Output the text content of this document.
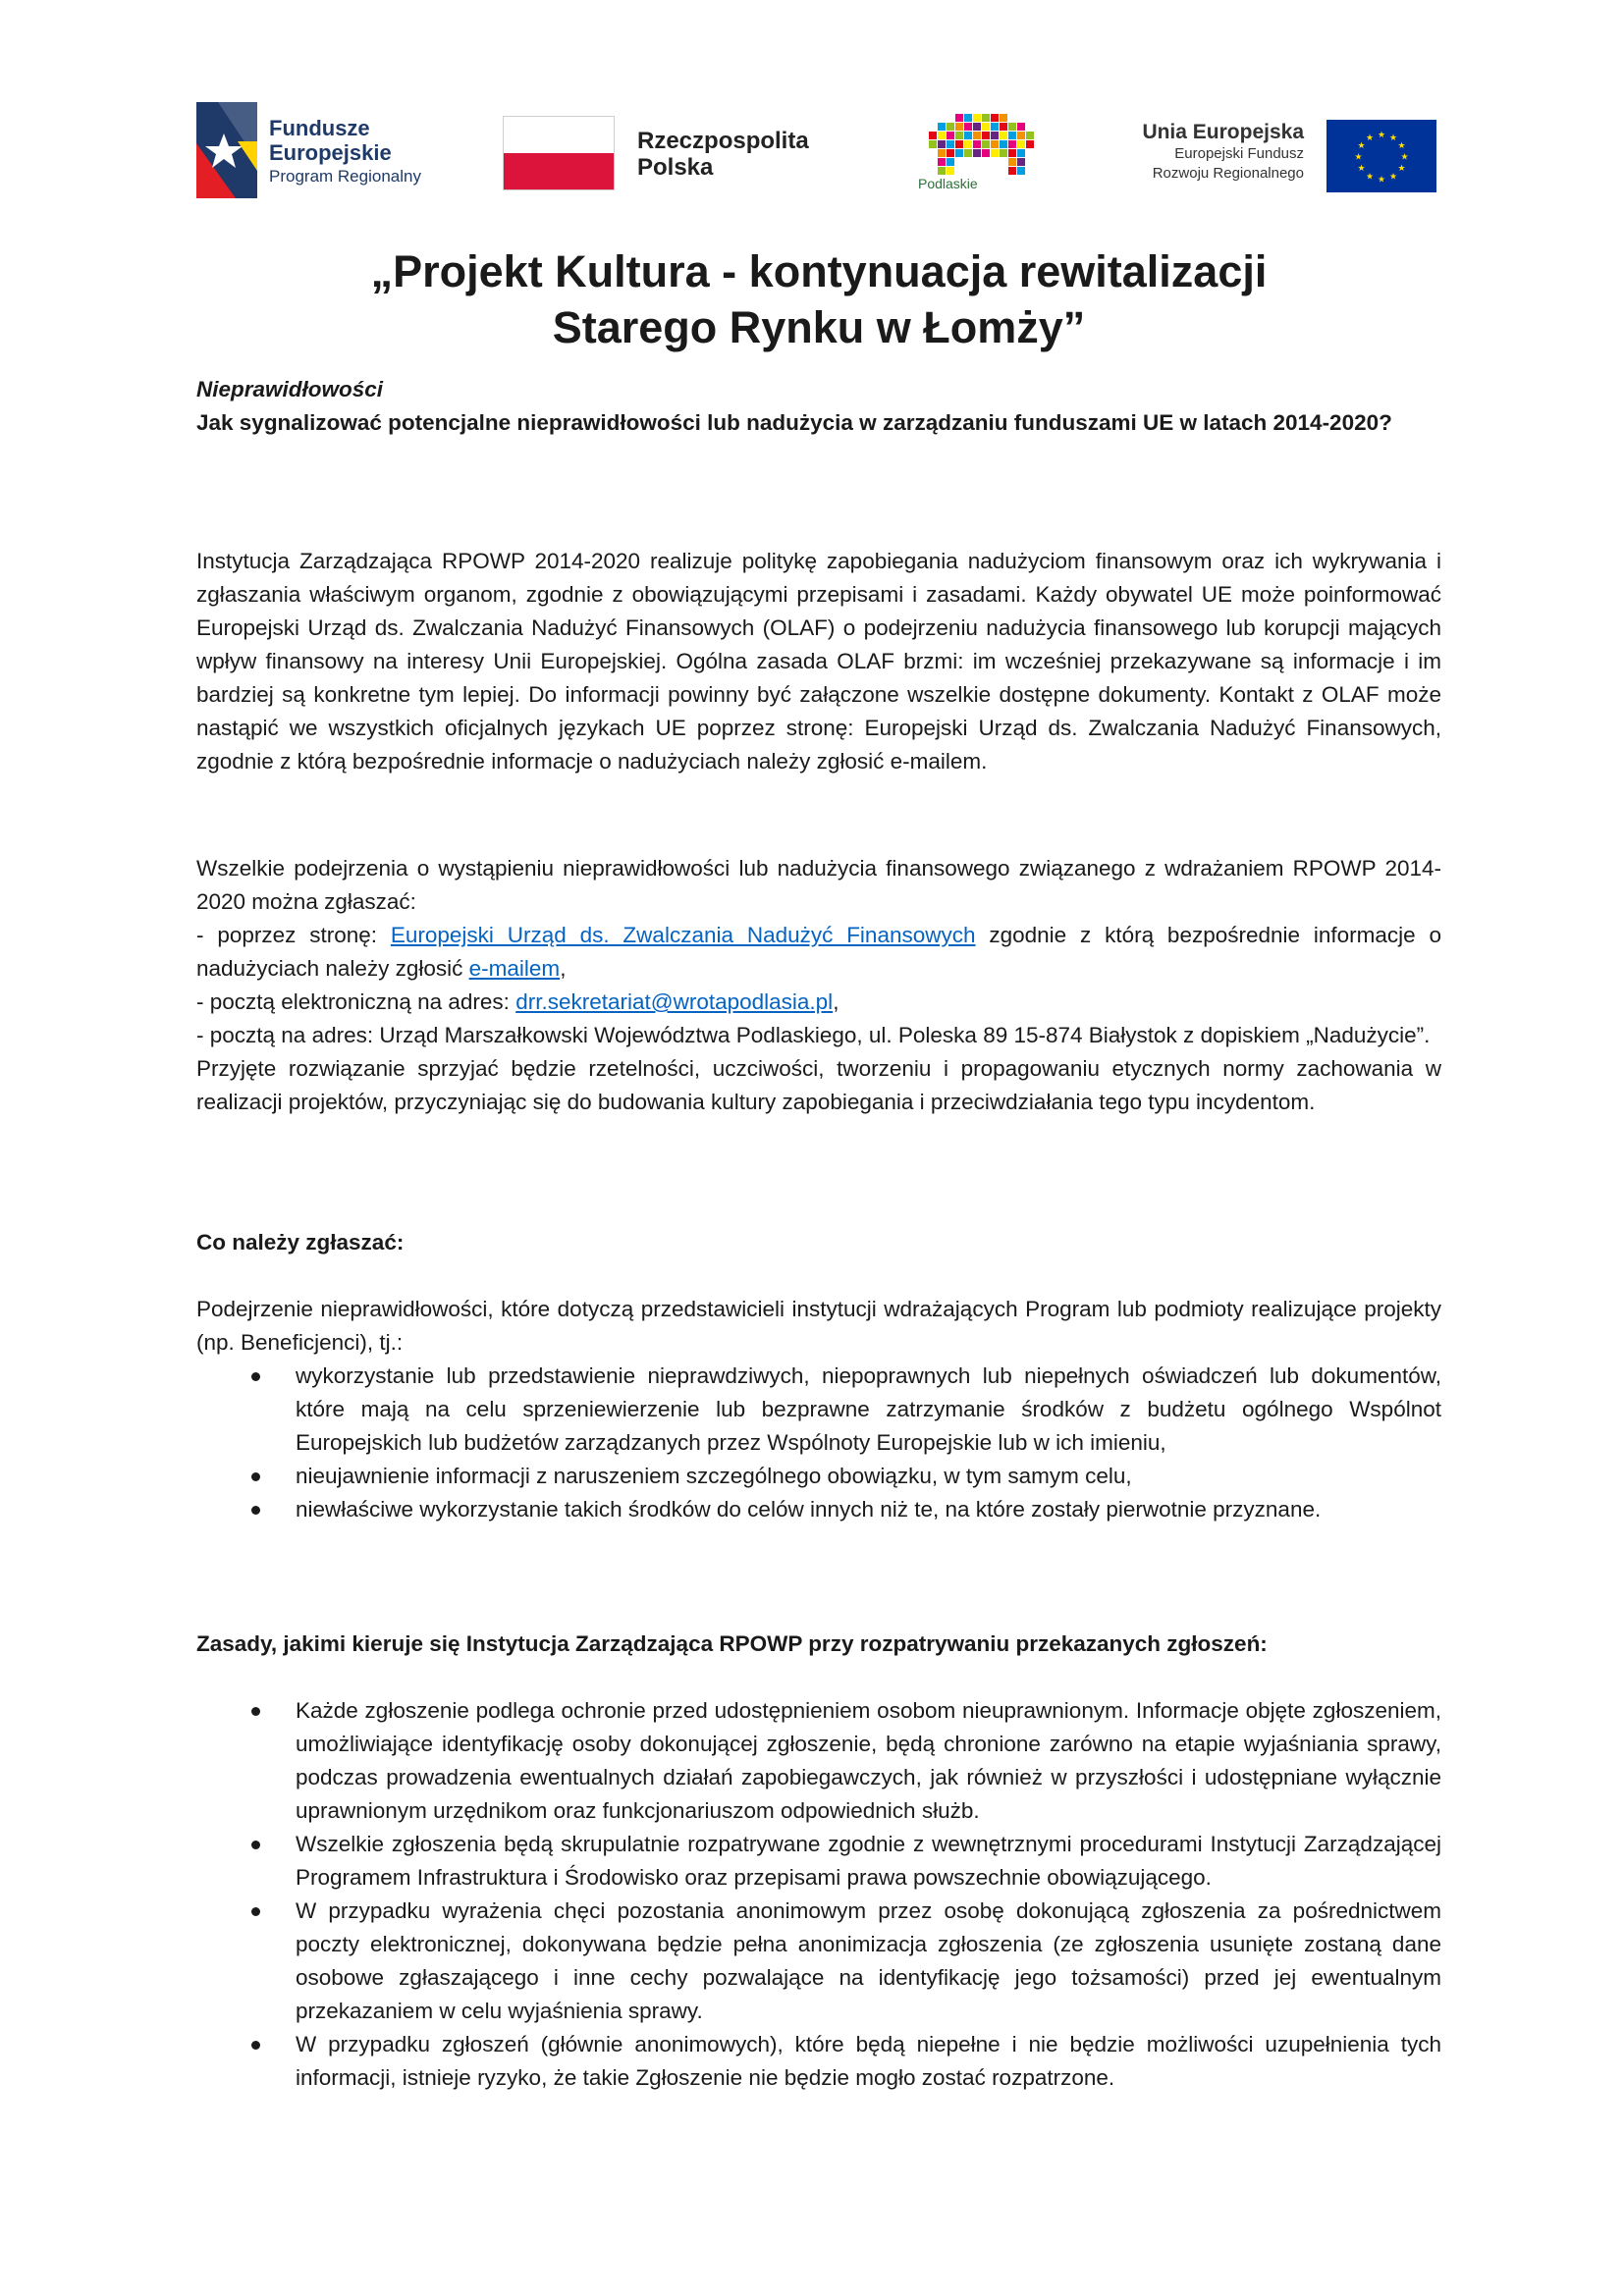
Fundusze
Europejskie
Program Regionalny
Rzeczpospolita
Polska
Podlaskie
Unia Europejska
Europejski Fundusz
Rozwoju Regionalnego
★ ★
★
★
★
★
★
★
★
★
★
★
„Projekt Kultura - kontynuacja rewitalizacji
Starego Rynku w Łomży”

Nieprawidłowości

Jak sygnalizować potencjalne nieprawidłowości lub nadużycia w zarządzaniu funduszami UE w latach 2014-2020?

Instytucja Zarządzająca RPOWP 2014-2020 realizuje politykę zapobiegania nadużyciom finansowym oraz ich wykrywania i zgłaszania właściwym organom, zgodnie z obowiązującymi przepisami i zasadami. Każdy obywatel UE może poinformować Europejski Urząd ds. Zwalczania Nadużyć Finansowych (OLAF) o podejrzeniu nadużycia finansowego lub korupcji mających wpływ finansowy na interesy Unii Europejskiej. Ogólna zasada OLAF brzmi: im wcześniej przekazywane są informacje i im bardziej są konkretne tym lepiej. Do informacji powinny być załączone wszelkie dostępne dokumenty. Kontakt z OLAF może nastąpić we wszystkich oficjalnych językach UE poprzez stronę: Europejski Urząd ds. Zwalczania Nadużyć Finansowych, zgodnie z którą bezpośrednie informacje o nadużyciach należy zgłosić e-mailem.

Wszelkie podejrzenia o wystąpieniu nieprawidłowości lub nadużycia finansowego związanego z wdrażaniem RPOWP 2014-2020 można zgłaszać:

- poprzez stronę: Europejski Urząd ds. Zwalczania Nadużyć Finansowych zgodnie z którą bezpośrednie informacje o nadużyciach należy zgłosić e-mailem,

- pocztą elektroniczną na adres: drr.sekretariat@wrotapodlasia.pl,

- pocztą na adres: Urząd Marszałkowski Województwa Podlaskiego, ul. Poleska 89 15-874 Białystok z dopiskiem „Nadużycie”.

Przyjęte rozwiązanie sprzyjać będzie rzetelności, uczciwości, tworzeniu i propagowaniu etycznych normy zachowania w realizacji projektów, przyczyniając się do budowania kultury zapobiegania i przeciwdziałania tego typu incydentom.

Co należy zgłaszać:

Podejrzenie nieprawidłowości, które dotyczą przedstawicieli instytucji wdrażających Program lub podmioty realizujące projekty (np. Beneficjenci), tj.:

wykorzystanie lub przedstawienie nieprawdziwych, niepoprawnych lub niepełnych oświadczeń lub dokumentów, które mają na celu sprzeniewierzenie lub bezprawne zatrzymanie środków z budżetu ogólnego Wspólnot Europejskich lub budżetów zarządzanych przez Wspólnoty Europejskie lub w ich imieniu,
nieujawnienie informacji z naruszeniem szczególnego obowiązku, w tym samym celu,
niewłaściwe wykorzystanie takich środków do celów innych niż te, na które zostały pierwotnie przyznane.

Zasady, jakimi kieruje się Instytucja Zarządzająca RPOWP przy rozpatrywaniu przekazanych zgłoszeń:

Każde zgłoszenie podlega ochronie przed udostępnieniem osobom nieuprawnionym. Informacje objęte zgłoszeniem, umożliwiające identyfikację osoby dokonującej zgłoszenie, będą chronione zarówno na etapie wyjaśniania sprawy, podczas prowadzenia ewentualnych działań zapobiegawczych, jak również w przyszłości i udostępniane wyłącznie uprawnionym urzędnikom oraz funkcjonariuszom odpowiednich służb.
Wszelkie zgłoszenia będą skrupulatnie rozpatrywane zgodnie z wewnętrznymi procedurami Instytucji Zarządzającej Programem Infrastruktura i Środowisko oraz przepisami prawa powszechnie obowiązującego.
W przypadku wyrażenia chęci pozostania anonimowym przez osobę dokonującą zgłoszenia za pośrednictwem poczty elektronicznej, dokonywana będzie pełna anonimizacja zgłoszenia (ze zgłoszenia usunięte zostaną dane osobowe zgłaszającego i inne cechy pozwalające na identyfikację jego tożsamości) przed jej ewentualnym przekazaniem w celu wyjaśnienia sprawy.
W przypadku zgłoszeń (głównie anonimowych), które będą niepełne i nie będzie możliwości uzupełnienia tych informacji, istnieje ryzyko, że takie Zgłoszenie nie będzie mogło zostać rozpatrzone.
